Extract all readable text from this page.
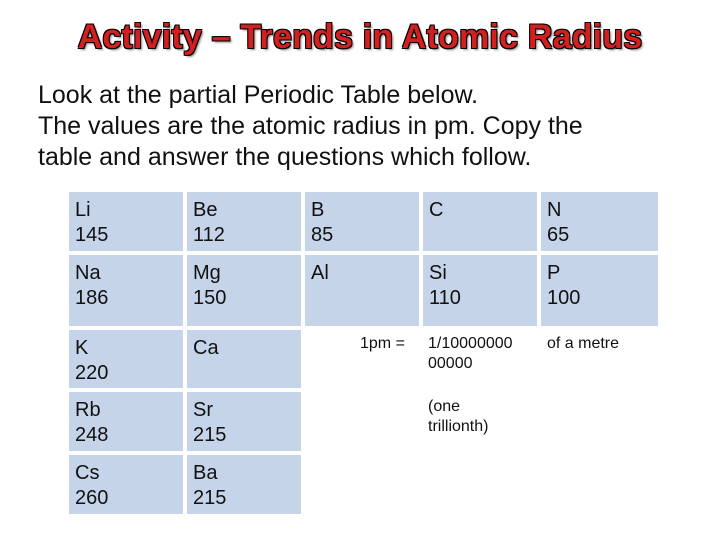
Activity – Trends in Atomic Radius
Look at the partial Periodic Table below.
The values are the atomic radius in pm. Copy the
table and answer the questions which follow.
Li
145
Be
112
B
85
C	N
65
Na
186
Mg
150
Al	Si
110
P
100
K
220
Ca
Rb
248
Sr
215
Cs
260
Ba
215
1pm = 1/10000000
00000
of a metre
(one
trillionth)
